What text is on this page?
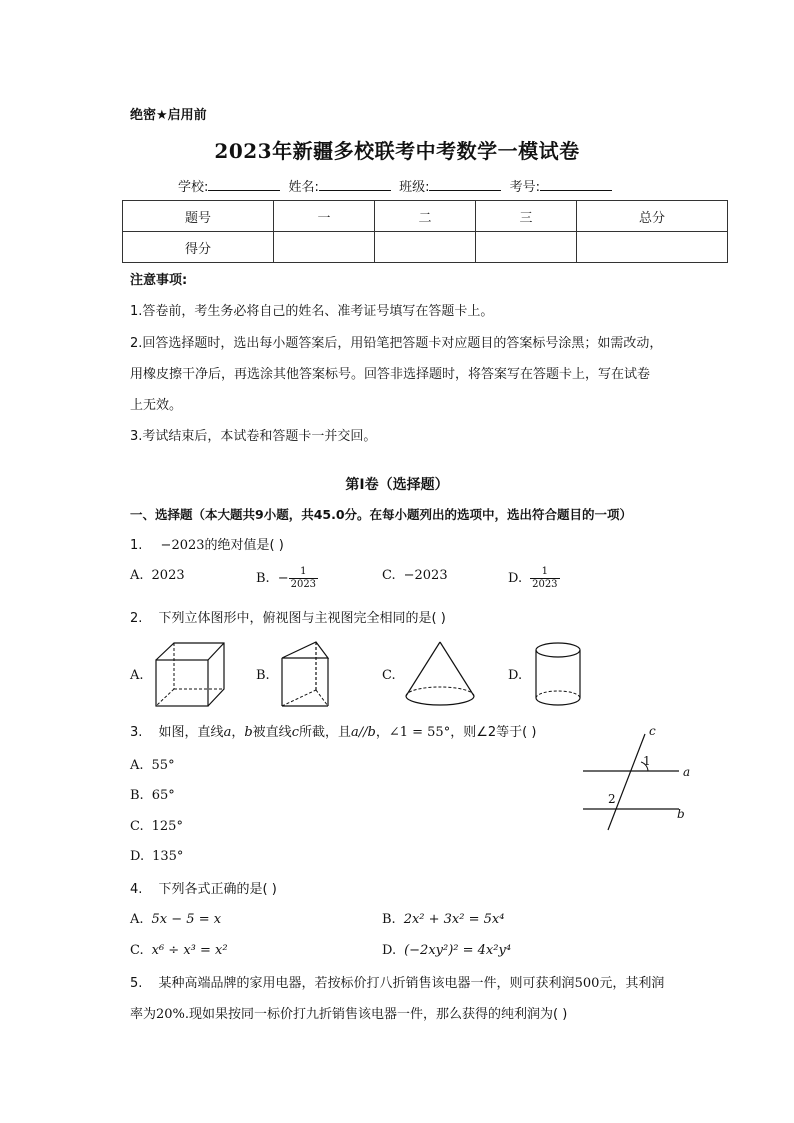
绝密★启用前
2023年新疆多校联考中考数学一模试卷
学校:	姓名:	班级:	考号:
题号	一	二	三	总分
得分				
注意事项:
1.答卷前，考生务必将自己的姓名、准考证号填写在答题卡上。
2.回答选择题时，选出每小题答案后，用铅笔把答题卡对应题目的答案标号涂黑；如需改动，
用橡皮擦干净后，再选涂其他答案标号。回答非选择题时，将答案写在答题卡上，写在试卷
上无效。
3.考试结束后，本试卷和答题卡一并交回。
第I卷（选择题）
一、选择题（本大题共9小题，共45.0分。在每小题列出的选项中，选出符合题目的一项）
1. −2023的绝对值是( )
A. 2023	B. − $\frac{1}{2023}$	C. −2023	D. $\frac{1}{2023}$
2. 下列立体图形中，俯视图与主视图完全相同的是( )
A.	B.	C.	D.
3. 如图，直线a，b被直线c所截，且a//b，∠1 = 55°，则∠2等于( )
A. 55°
B. 65°
C. 125°
D. 135°
c
1
a
2
b
4. 下列各式正确的是( )
A. 5x − 5 = x	B. 2x² + 3x² = 5x⁴
C. x⁶ ÷ x³ = x²	D. (−2xy²)² = 4x²y⁴
5. 某种高端品牌的家用电器，若按标价打八折销售该电器一件，则可获利润500元，其利润
率为20%.现如果按同一标价打九折销售该电器一件，那么获得的纯利润为( )
